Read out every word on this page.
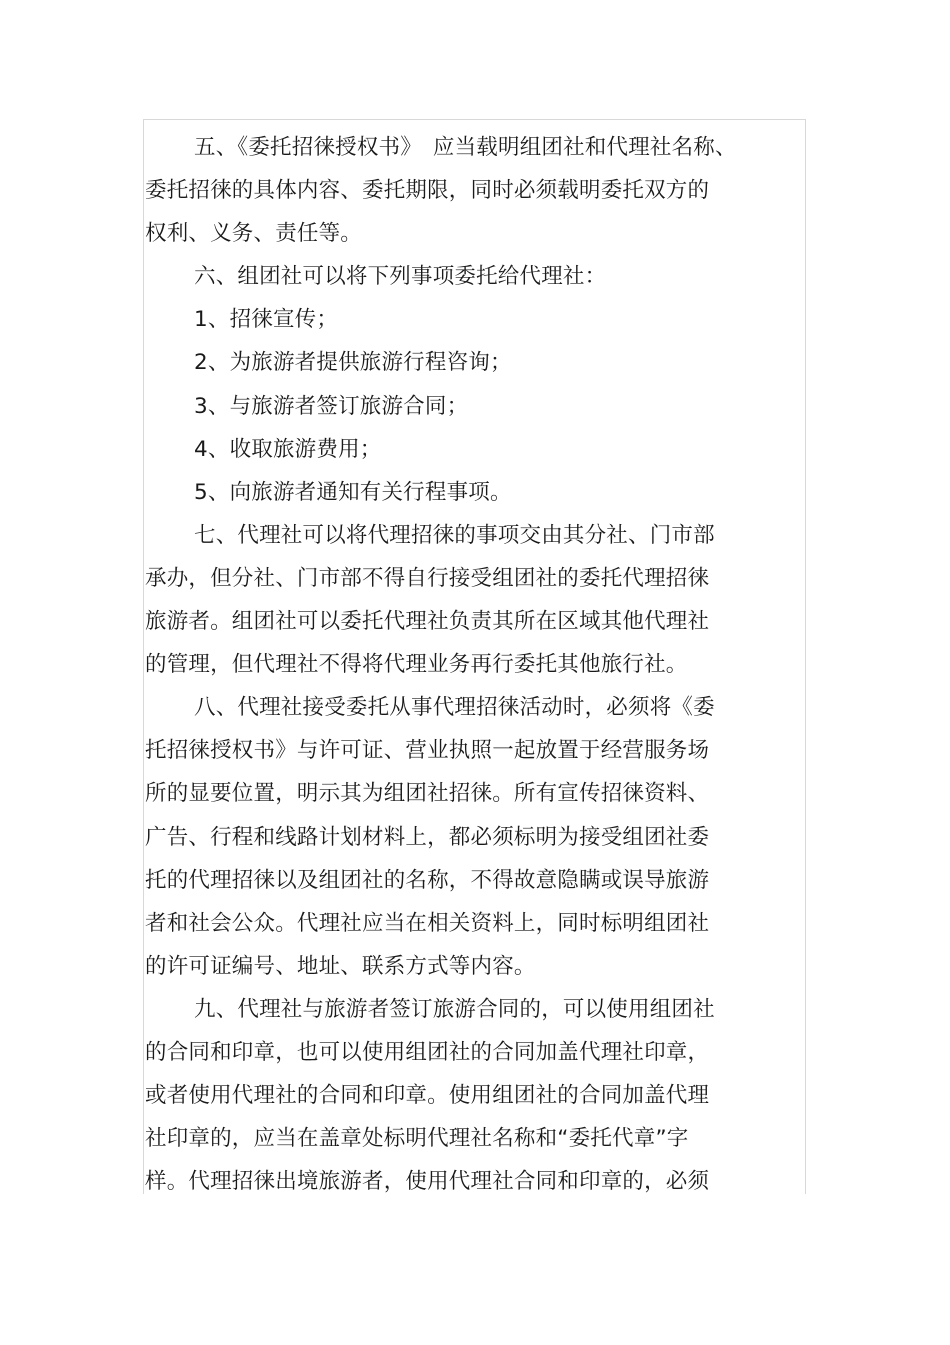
五、《委托招徕授权书》　应当载明组团社和代理社名称、
委托招徕的具体内容、委托期限，同时必须载明委托双方的
权利、义务、责任等。
六、组团社可以将下列事项委托给代理社：
1、招徕宣传；
2、为旅游者提供旅游行程咨询；
3、与旅游者签订旅游合同；
4、收取旅游费用；
5、向旅游者通知有关行程事项。
七、代理社可以将代理招徕的事项交由其分社、门市部
承办，但分社、门市部不得自行接受组团社的委托代理招徕
旅游者。组团社可以委托代理社负责其所在区域其他代理社
的管理，但代理社不得将代理业务再行委托其他旅行社。
八、代理社接受委托从事代理招徕活动时，必须将《委
托招徕授权书》与许可证、营业执照一起放置于经营服务场
所的显要位置，明示其为组团社招徕。所有宣传招徕资料、
广告、行程和线路计划材料上，都必须标明为接受组团社委
托的代理招徕以及组团社的名称，不得故意隐瞒或误导旅游
者和社会公众。代理社应当在相关资料上，同时标明组团社
的许可证编号、地址、联系方式等内容。
九、代理社与旅游者签订旅游合同的，可以使用组团社
的合同和印章，也可以使用组团社的合同加盖代理社印章，
或者使用代理社的合同和印章。使用组团社的合同加盖代理
社印章的，应当在盖章处标明代理社名称和“委托代章”字
样。代理招徕出境旅游者，使用代理社合同和印章的，必须
